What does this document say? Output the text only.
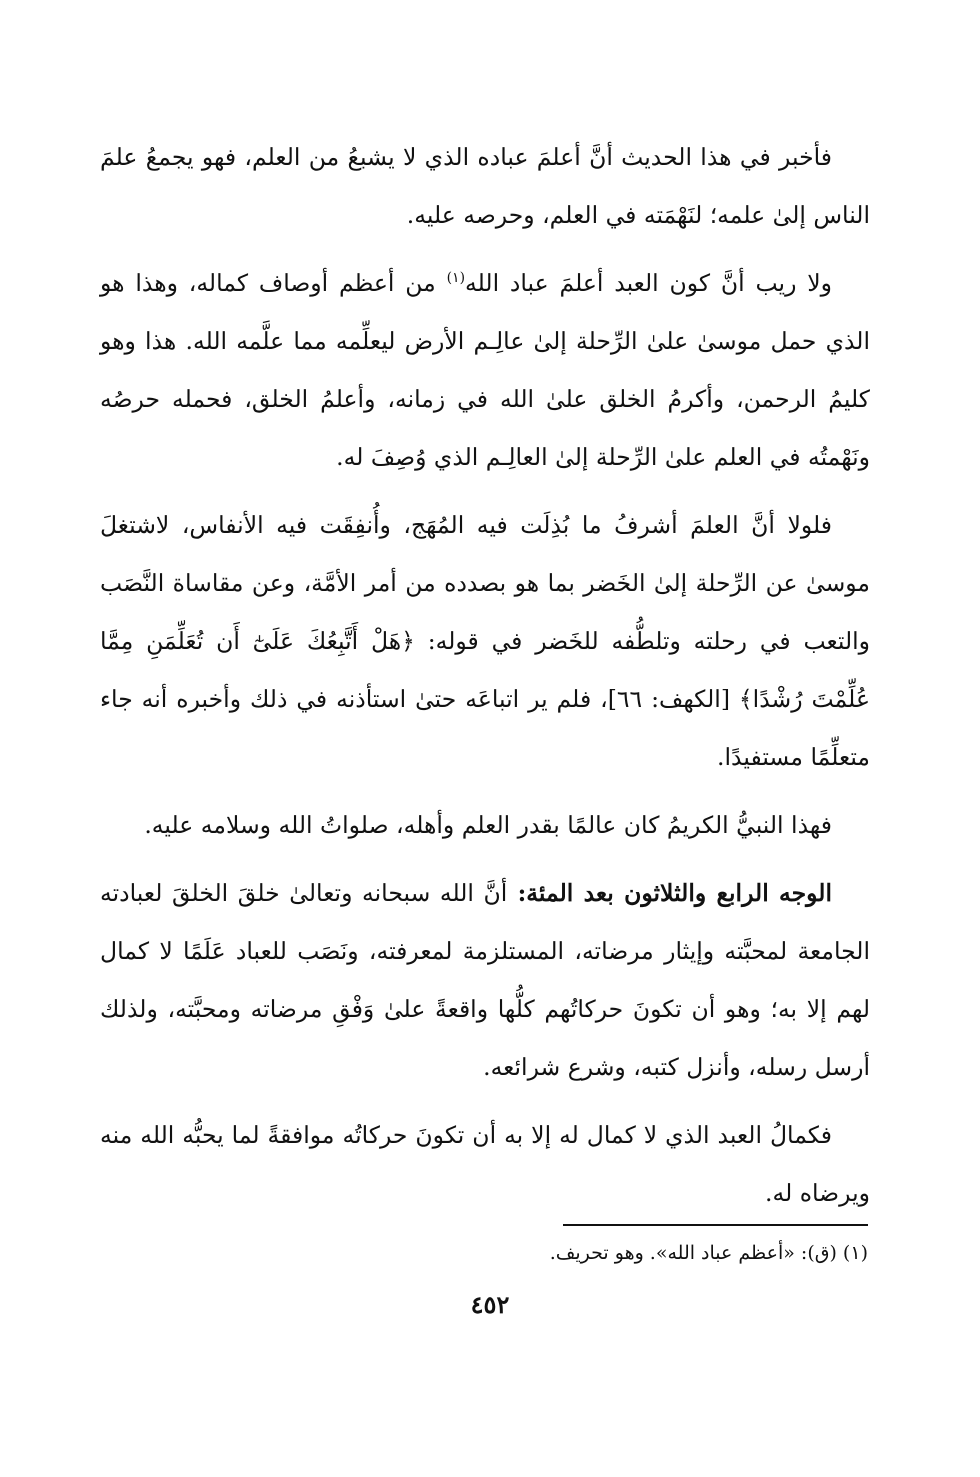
فأخبر في هذا الحديث أنَّ أعلمَ عباده الذي لا يشبعُ من العلم، فهو يجمعُ علمَ الناس إلىٰ علمه؛ لنَهْمَته في العلم، وحرصه عليه.

ولا ريب أنَّ كون العبد أعلمَ عباد الله$^{(١)}$ من أعظم أوصاف كماله، وهذا هو الذي حمل موسىٰ علىٰ الرِّحلة إلىٰ عالِـم الأرض ليعلِّمه مما علَّمه الله. هذا وهو كليمُ الرحمن، وأكرمُ الخلق علىٰ الله في زمانه، وأعلمُ الخلق، فحمله حرصُه ونَهْمتُه في العلم علىٰ الرِّحلة إلىٰ العالِـم الذي وُصِفَ له.

فلولا أنَّ العلمَ أشرفُ ما بُذِلَت فيه المُهَج، وأُنفِقَت فيه الأنفاس، لاشتغلَ موسىٰ عن الرِّحلة إلىٰ الخَضر بما هو بصدده من أمر الأمَّة، وعن مقاساة النَّصَب والتعب في رحلته وتلطُّفه للخَضر في قوله: ﴿هَلْ أَتَّبِعُكَ عَلَىٰٓ أَن تُعَلِّمَنِ مِمَّا عُلِّمْتَ رُشْدًا﴾ [الكهف: ٦٦]، فلم ير اتباعَه حتىٰ استأذنه في ذلك وأخبره أنه جاء متعلِّمًا مستفيدًا.

فهذا النبيُّ الكريمُ كان عالمًا بقدر العلم وأهله، صلواتُ الله وسلامه عليه.

الوجه الرابع والثلاثون بعد المئة: أنَّ الله سبحانه وتعالىٰ خلقَ الخلقَ لعبادته الجامعة لمحبَّته وإيثار مرضاته، المستلزمة لمعرفته، ونَصَب للعباد عَلَمًا لا كمال لهم إلا به؛ وهو أن تكونَ حركاتُهم كلُّها واقعةً علىٰ وَفْقِ مرضاته ومحبَّته، ولذلك أرسل رسله، وأنزل كتبه، وشرع شرائعه.

فكمالُ العبد الذي لا كمال له إلا به أن تكونَ حركاتُه موافقةً لما يحبُّه الله منه ويرضاه له.

(١) (ق): «أعظم عباد الله». وهو تحريف.
٤٥٢
